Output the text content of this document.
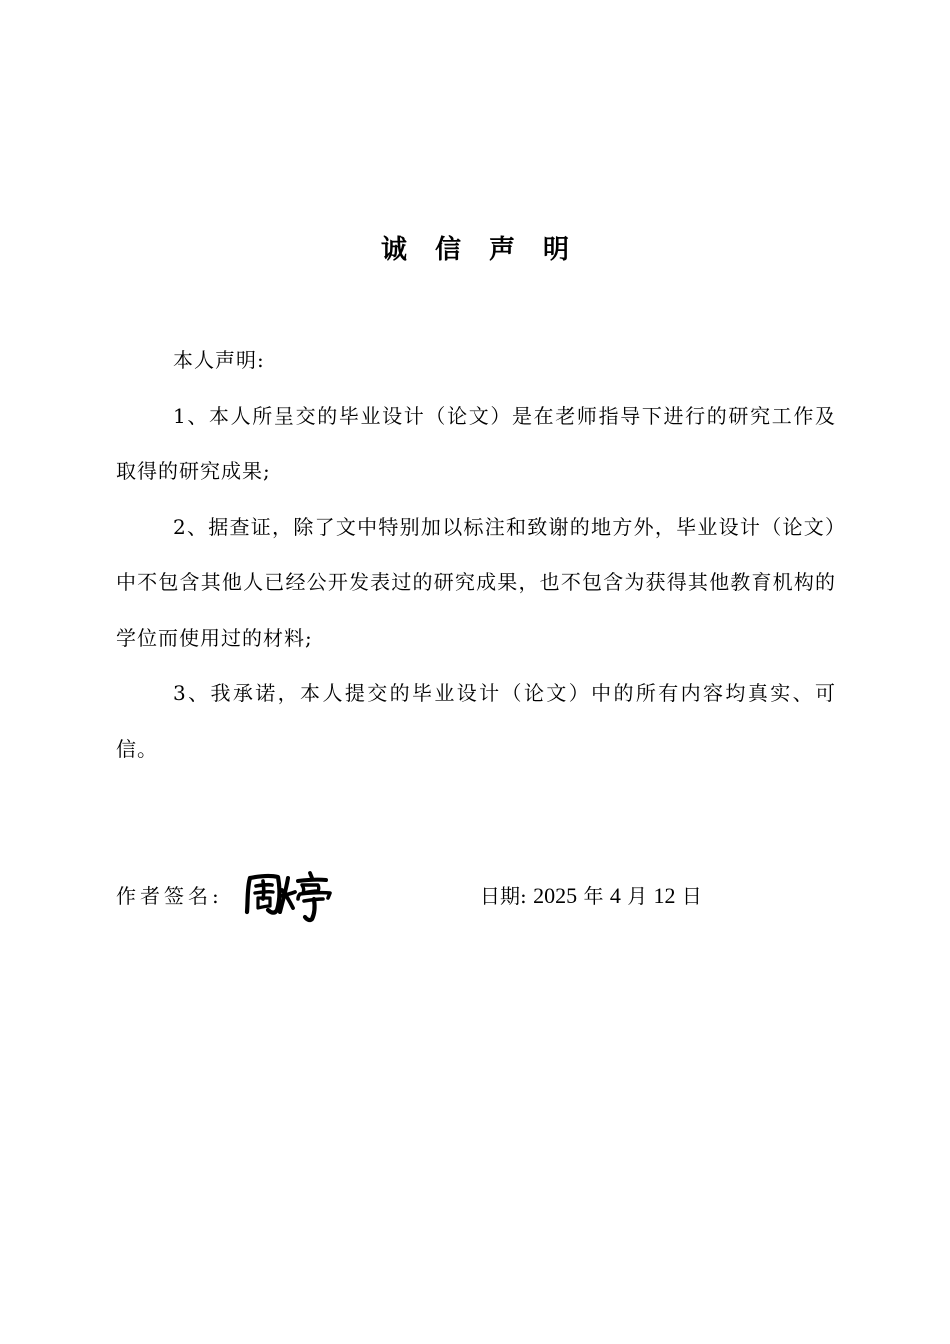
诚信声明

本人声明:

1、本人所呈交的毕业设计（论文）是在老师指导下进行的研究工作及取得的研究成果;

2、据查证，除了文中特别加以标注和致谢的地方外，毕业设计（论文）中不包含其他人已经公开发表过的研究成果，也不包含为获得其他教育机构的学位而使用过的材料;

3、我承诺，本人提交的毕业设计（论文）中的所有内容均真实、可信。

作者签名:	日期: 2025 年 4 月 12 日
